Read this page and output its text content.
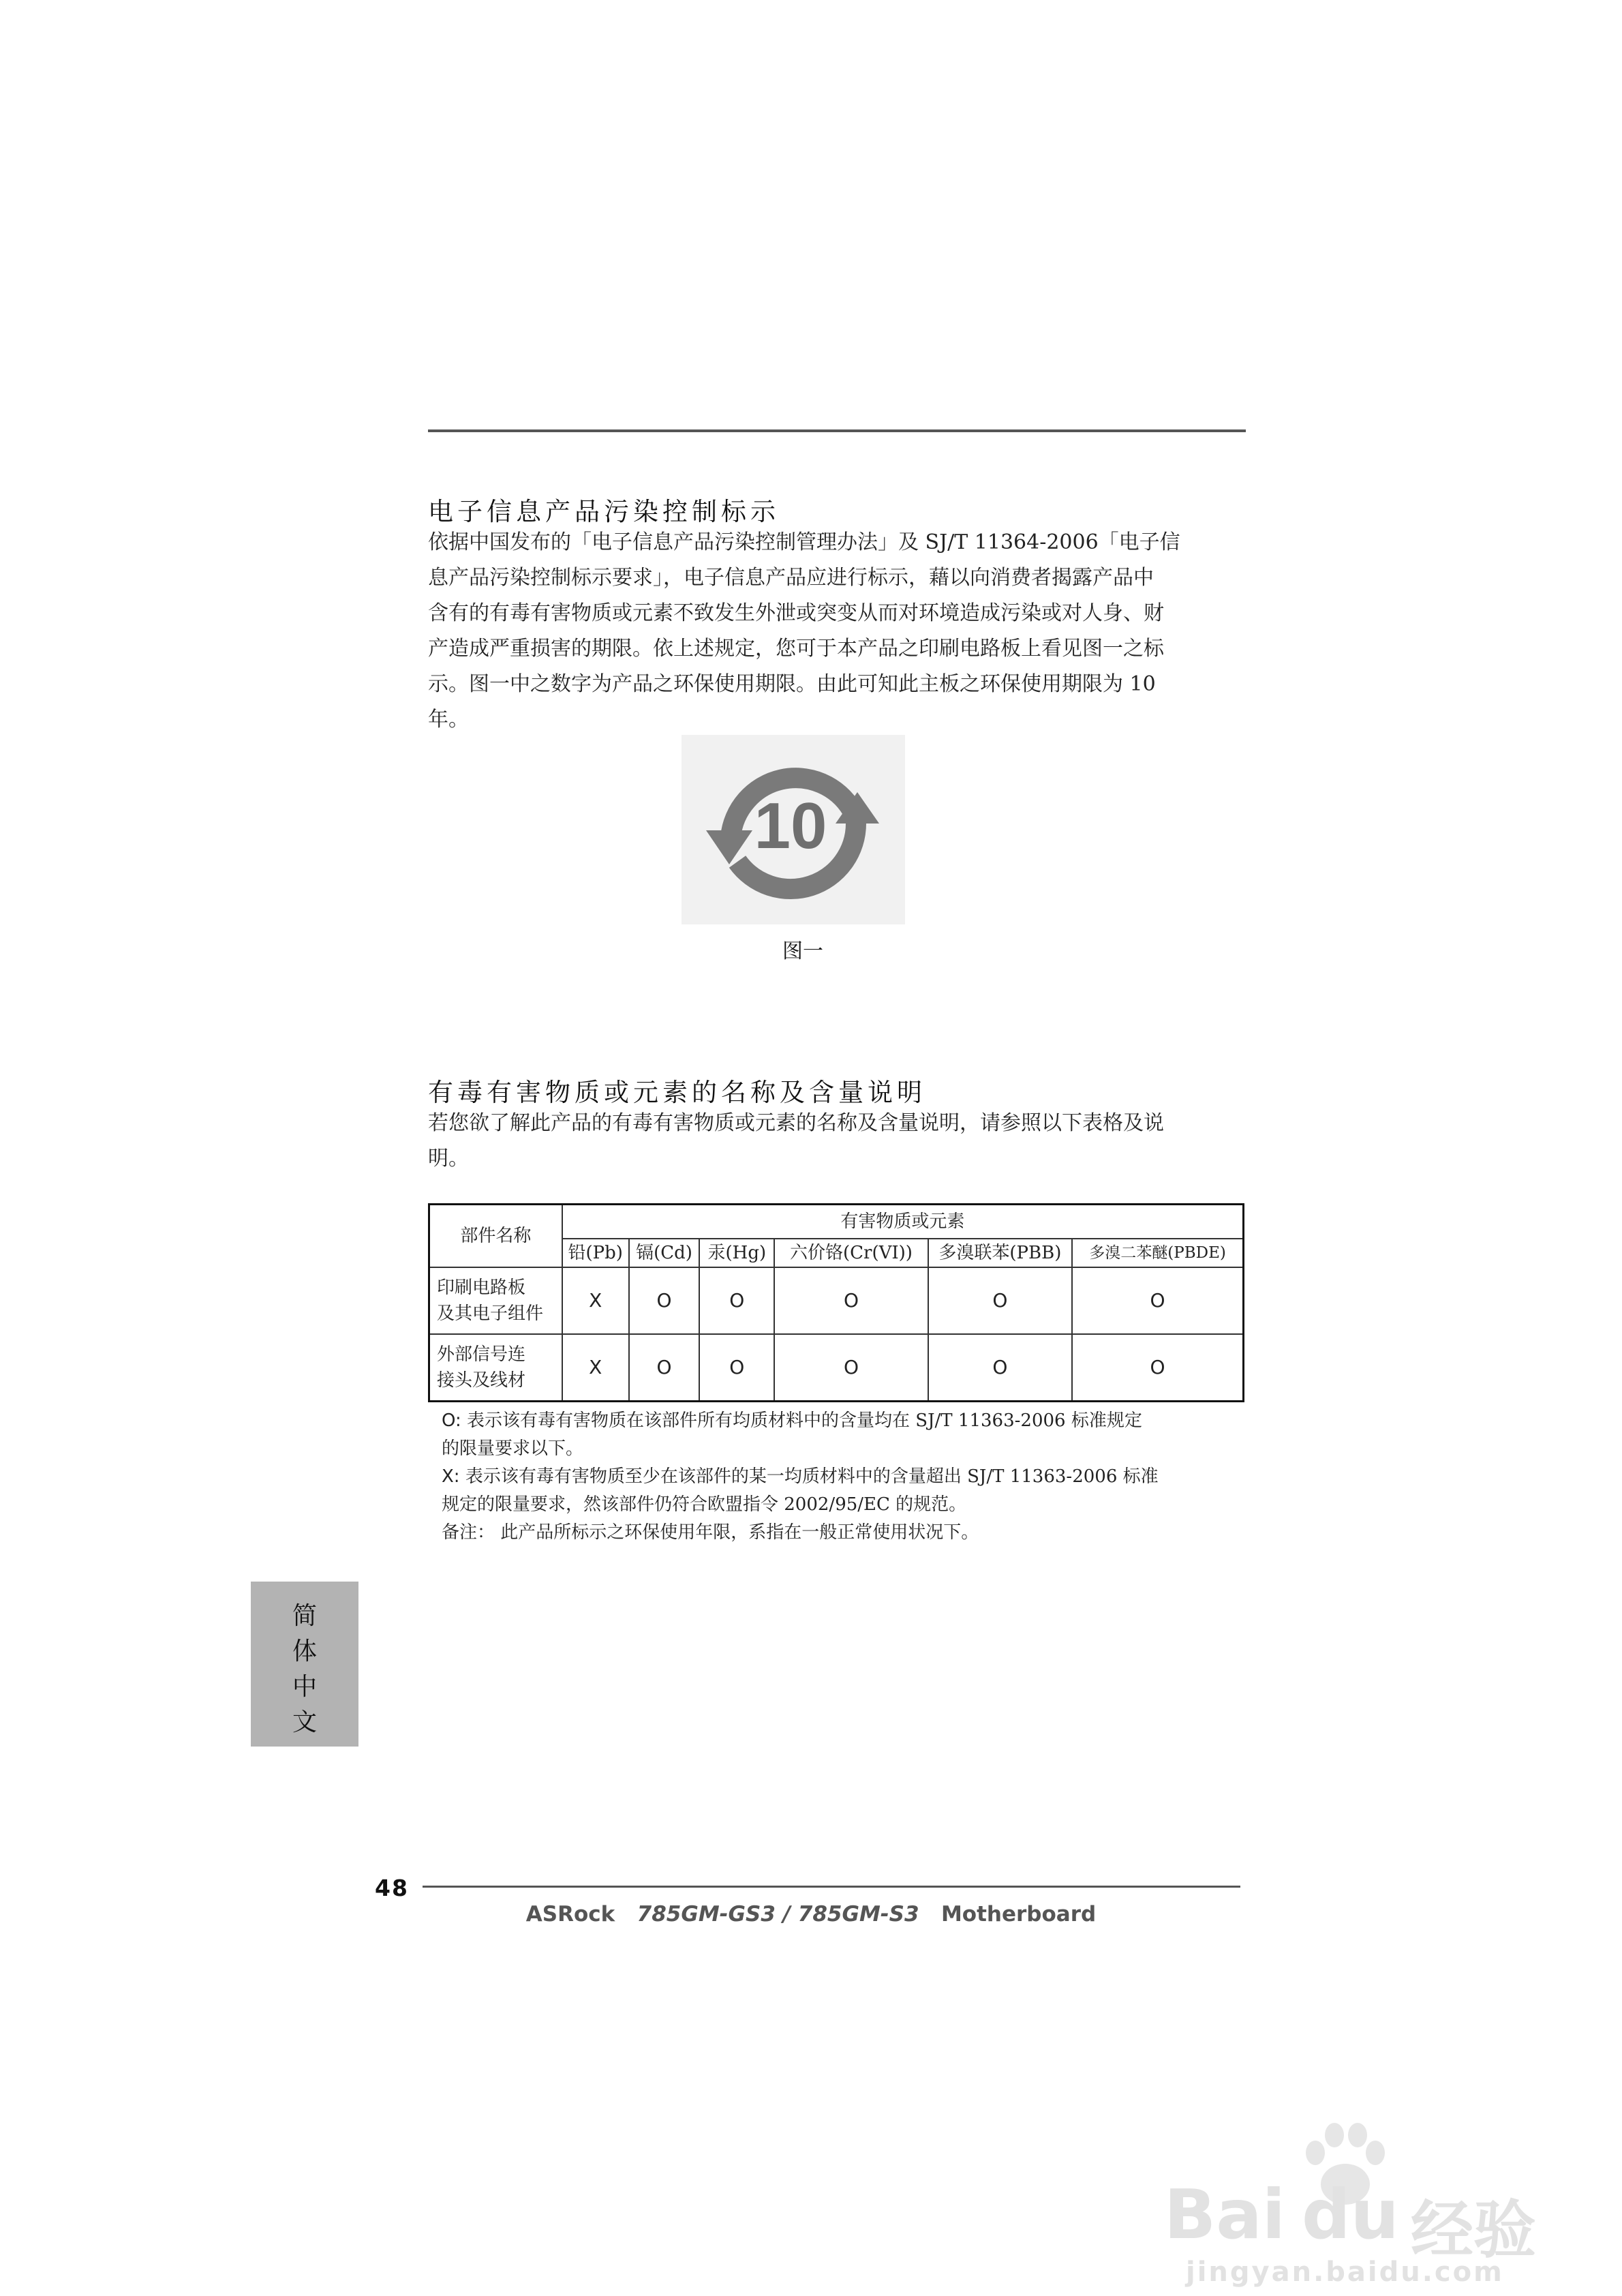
电子信息产品污染控制标示
依据中国发布的「电子信息产品污染控制管理办法」及 SJ/T 11364-2006「电子信
息产品污染控制标示要求」，电子信息产品应进行标示，藉以向消费者揭露产品中
含有的有毒有害物质或元素不致发生外泄或突变从而对环境造成污染或对人身、财
产造成严重损害的期限。依上述规定，您可于本产品之印刷电路板上看见图一之标
示。图一中之数字为产品之环保使用期限。由此可知此主板之环保使用期限为 10
年。
10
图一
有毒有害物质或元素的名称及含量说明
若您欲了解此产品的有毒有害物质或元素的名称及含量说明，请参照以下表格及说
明。
部件名称	有害物质或元素					
	铅(Pb)	镉(Cd)	汞(Hg)	六价铬(Cr(VI))	多溴联苯(PBB)	多溴二苯醚(PBDE)

印刷电路板
及其电子组件	X	O	O	O	O	O

外部信号连
接头及线材	X	O	O	O	O	O
O: 表示该有毒有害物质在该部件所有均质材料中的含量均在 SJ/T 11363-2006 标准规定
的限量要求以下。
X: 表示该有毒有害物质至少在该部件的某一均质材料中的含量超出 SJ/T 11363-2006 标准
规定的限量要求，然该部件仍符合欧盟指令 2002/95/EC 的规范。
备注： 此产品所标示之环保使用年限，系指在一般正常使用状况下。
简
体
中
文
48
ASRock 785GM-GS3 / 785GM-S3 Motherboard
Bai du 经验
jingyan.baidu.com
